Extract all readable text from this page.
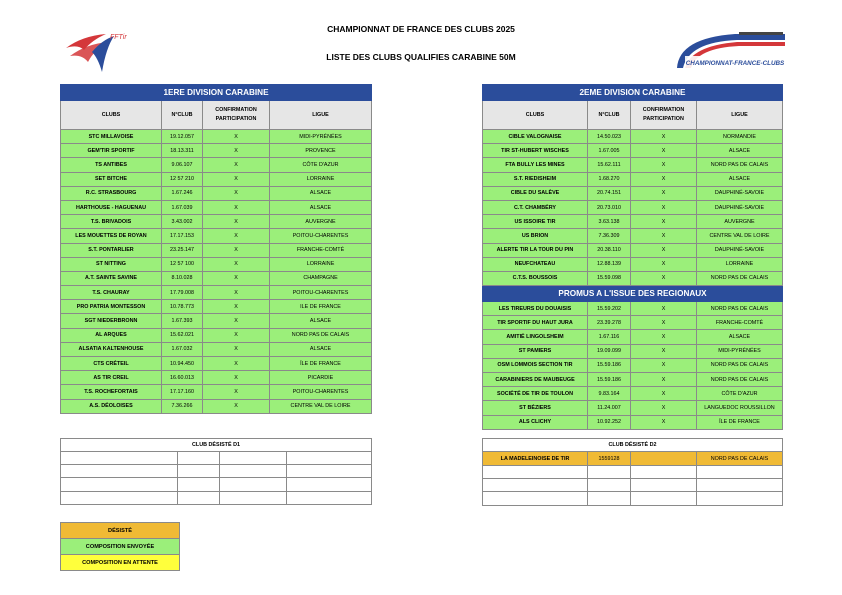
CHAMPIONNAT DE FRANCE DES CLUBS 2025
LISTE DES CLUBS QUALIFIES CARABINE 50M
FFTir
CHAMPIONNAT-FRANCE-CLUBS
1ERE DIVISION CARABINE			
CLUBS	N°CLUB	CONFIRMATION PARTICIPATION	LIGUE
STC MILLAVOISE	19.12.057	X	MIDI-PYRÉNÉES
GEM'TIR SPORTIF	18.13.311	X	PROVENCE
TS ANTIBES	9.06.107	X	CÔTE D'AZUR
SET BITCHE	12 57 210	X	LORRAINE
R.C. STRASBOURG	1.67.246	X	ALSACE
HARTHOUSE - HAGUENAU	1.67.039	X	ALSACE
T.S. BRIVADOIS	3.43.002	X	AUVERGNE
LES MOUETTES DE ROYAN	17.17.153	X	POITOU-CHARENTES
S.T. PONTARLIER	23.25.147	X	FRANCHE-COMTÉ
ST NITTING	12 57 100	X	LORRAINE
A.T. SAINTE SAVINE	8.10.028	X	CHAMPAGNE
T.S. CHAURAY	17.79.008	X	POITOU-CHARENTES
PRO PATRIA MONTESSON	10.78.773	X	ILE DE FRANCE
SGT NIEDERBRONN	1.67.393	X	ALSACE
AL ARQUES	15.62.021	X	NORD PAS DE CALAIS
ALSATIA KALTENHOUSE	1.67.032	X	ALSACE
CTS CRÉTEIL	10.94.450	X	ÎLE DE FRANCE
AS TIR CREIL	16.60.013	X	PICARDIE
T.S. ROCHEFORTAIS	17.17.160	X	POITOU-CHARENTES
A.S. DÉOLOISES	7.36.266	X	CENTRE VAL DE LOIRE
2EME DIVISION CARABINE			
CLUBS	N°CLUB	CONFIRMATION PARTICIPATION	LIGUE
CIBLE VALOGNAISE	14.50.023	X	NORMANDIE
TIR ST-HUBERT WISCHES	1.67.005	X	ALSACE
FTA BULLY LES MINES	15.62.111	X	NORD PAS DE CALAIS
S.T. RIEDISHEIM	1.68.270	X	ALSACE
CIBLE DU SALÈVE	20.74.151	X	DAUPHINÉ-SAVOIE
C.T. CHAMBÉRY	20.73.010	X	DAUPHINÉ-SAVOIE
US ISSOIRE TIR	3.63.138	X	AUVERGNE
US BRION	7.36.309	X	CENTRE VAL DE LOIRE
ALERTE TIR LA TOUR DU PIN	20.38.110	X	DAUPHINÉ-SAVOIE
NEUFCHATEAU	12.88.139	X	LORRAINE
C.T.S. BOUSSOIS	15.59.098	X	NORD PAS DE CALAIS
PROMUS A L'ISSUE DES REGIONAUX			
LES TIREURS DU DOUAISIS	15.59.202	X	NORD PAS DE CALAIS
TIR SPORTIF DU HAUT JURA	23.39.278	X	FRANCHE-COMTÉ
AMITIÉ LINGOLSHEIM	1.67.116	X	ALSACE
ST PAMIERS	19.09.099	X	MIDI-PYRÉNÉES
OSM LOMMOIS SECTION TIR	15.59.186	X	NORD PAS DE CALAIS
CARABINIERS DE MAUBEUGE	15.59.186	X	NORD PAS DE CALAIS
SOCIÉTÉ DE TIR DE TOULON	9.83.164	X	CÔTE D'AZUR
ST BÉZIERS	11.24.007	X	LANGUEDOC ROUSSILLON
ALS CLICHY	10.92.252	X	ÎLE DE FRANCE
CLUB DÉSISTÉ D1			

				CLUB DÉSISTÉ D2			
LA MADELEINOISE DE TIR	1559128		NORD PAS DE CALAIS

DÉSISTÉ
COMPOSITION ENVOYÉE
COMPOSITION EN ATTENTE
